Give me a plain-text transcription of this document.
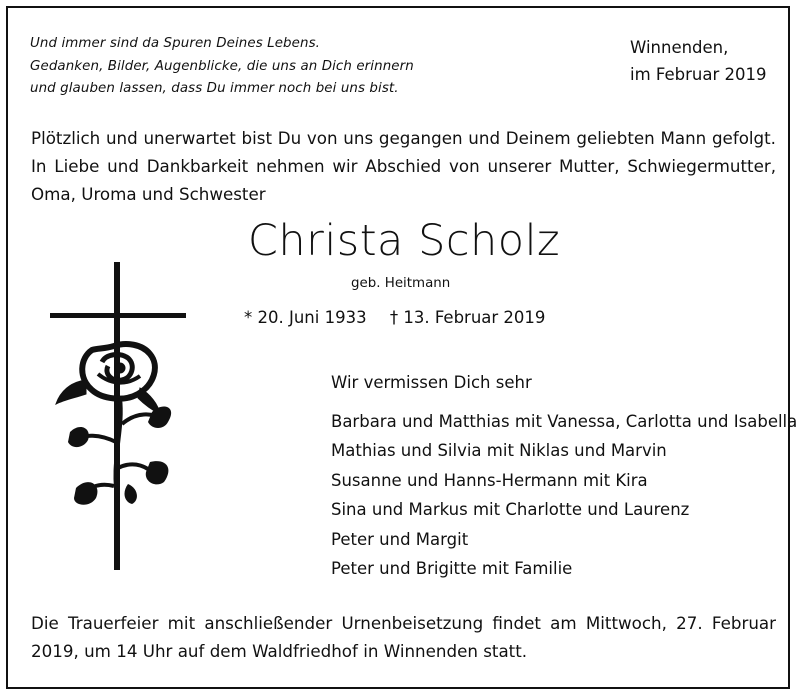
Und immer sind da Spuren Deines Lebens.
Gedanken, Bilder, Augenblicke, die uns an Dich erinnern
und glauben lassen, dass Du immer noch bei uns bist.
Winnenden,
im Februar 2019

Plötzlich und unerwartet bist Du von uns gegangen und Deinem geliebten Mann gefolgt. In Liebe und Dankbarkeit nehmen wir Abschied von unserer Mutter, Schwiegermutter, Oma, Uroma und Schwester

Christa Scholz
geb. Heitmann
* 20. Juni 1933 † 13. Februar 2019
Wir vermissen Dich sehr
Barbara und Matthias mit Vanessa, Carlotta und Isabella
Mathias und Silvia mit Niklas und Marvin
Susanne und Hanns-Hermann mit Kira
Sina und Markus mit Charlotte und Laurenz
Peter und Margit
Peter und Brigitte mit Familie

Die Trauerfeier mit anschließender Urnenbeisetzung findet am Mittwoch, 27. Februar 2019, um 14 Uhr auf dem Waldfriedhof in Winnenden statt.
